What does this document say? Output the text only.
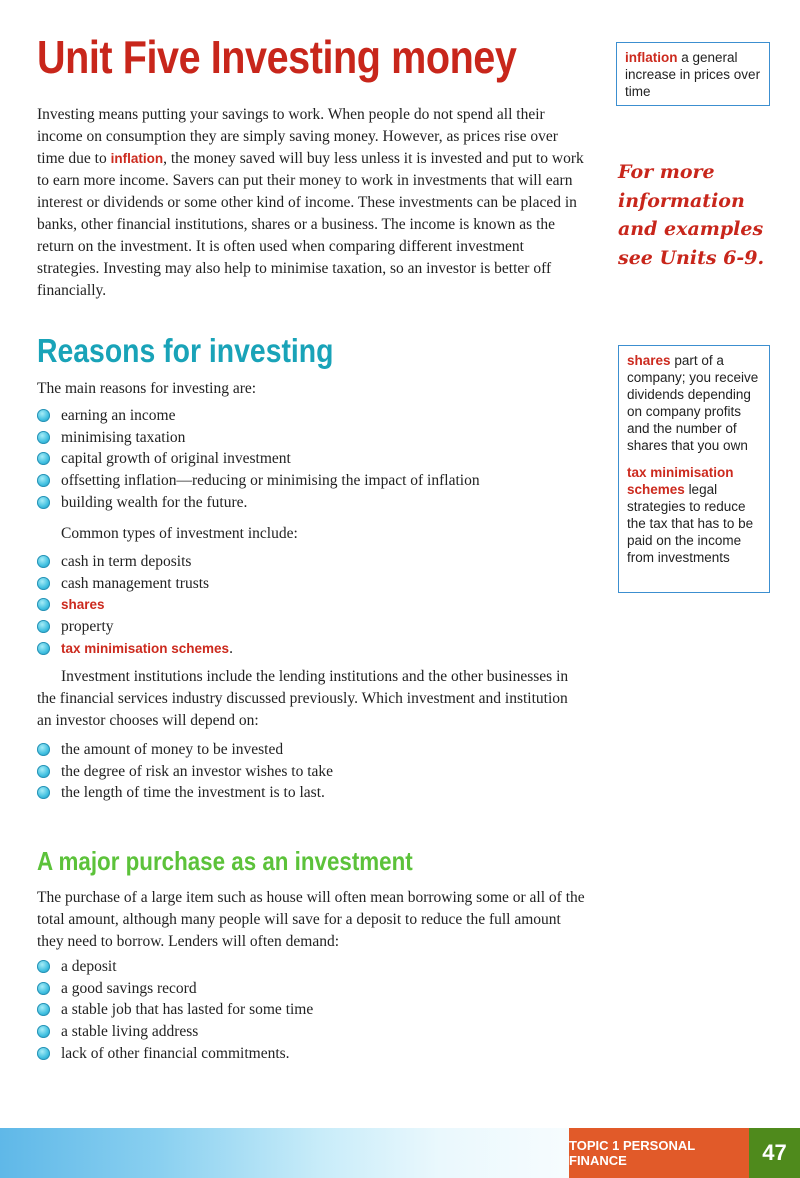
Unit Five Investing money

Investing means putting your savings to work. When people do not spend all their income on consumption they are simply saving money. However, as prices rise over time due to inflation, the money saved will buy less unless it is invested and put to work to earn more income. Savers can put their money to work in investments that will earn interest or dividends or some other kind of income. These investments can be placed in banks, other financial institutions, shares or a business. The income is known as the return on the investment. It is often used when comparing different investment strategies. Investing may also help to minimise taxation, so an investor is better off financially.

inflation a general increase in prices over time
For more information and examples see Units 6-9.
shares part of a company; you receive dividends depending on company profits and the number of shares that you own
tax minimisation schemes legal strategies to reduce the tax that has to be paid on the income from investments
Reasons for investing

The main reasons for investing are:

earning an income
minimising taxation
capital growth of original investment
offsetting inflation—reducing or minimising the impact of inflation
building wealth for the future.

Common types of investment include:

cash in term deposits
cash management trusts
shares
property
tax minimisation schemes.

Investment institutions include the lending institutions and the other businesses in the financial services industry discussed previously. Which investment and institution an investor chooses will depend on:

the amount of money to be invested
the degree of risk an investor wishes to take
the length of time the investment is to last.
A major purchase as an investment

The purchase of a large item such as house will often mean borrowing some or all of the total amount, although many people will save for a deposit to reduce the full amount they need to borrow. Lenders will often demand:

a deposit
a good savings record
a stable job that has lasted for some time
a stable living address
lack of other financial commitments.
TOPIC 1 PERSONAL FINANCE	47
